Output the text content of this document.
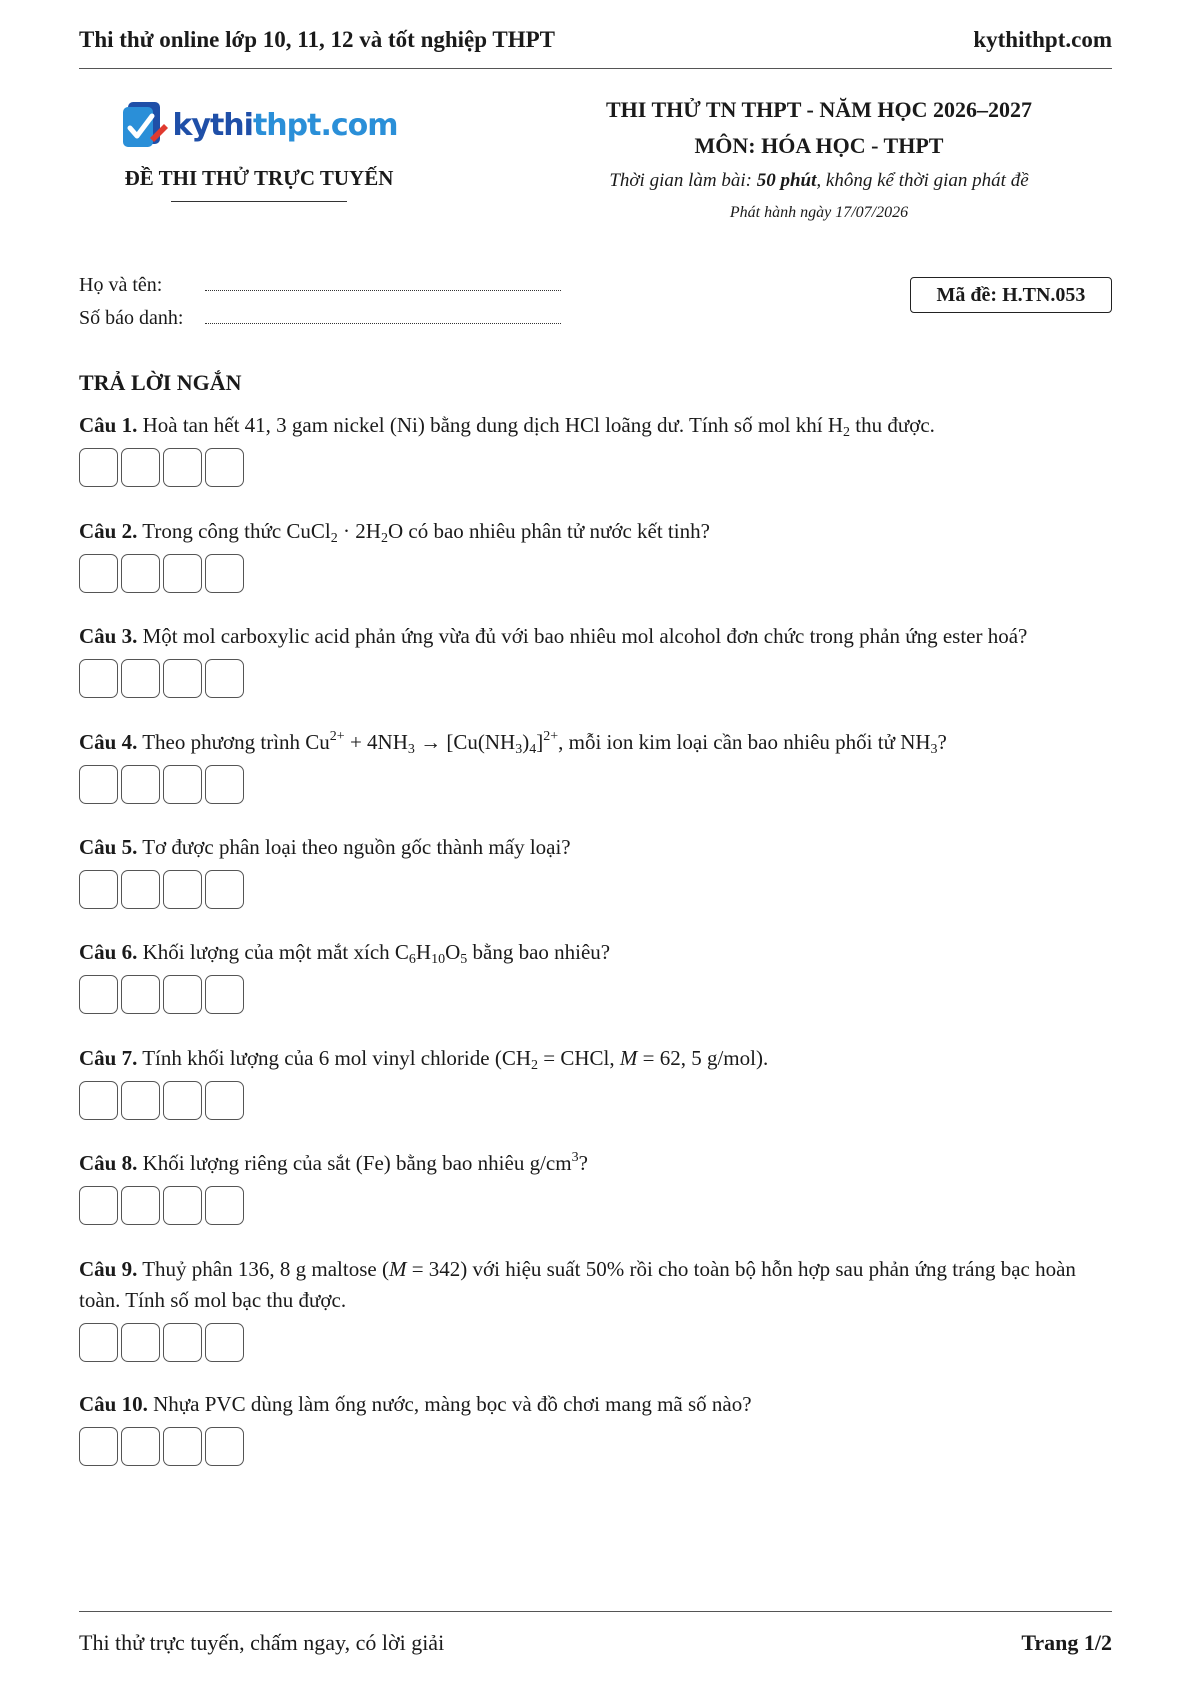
Thi thử online lớp 10, 11, 12 và tốt nghiệp THPT	kythithpt.com
kythithpt.com
ĐỀ THI THỬ TRỰC TUYẾN
THI THỬ TN THPT - NĂM HỌC 2026–2027
MÔN: HÓA HỌC - THPT
Thời gian làm bài: 50 phút, không kể thời gian phát đề
Phát hành ngày 17/07/2026
Họ và tên:
Số báo danh:
Mã đề: H.TN.053
TRẢ LỜI NGẮN
Câu 1. Hoà tan hết 41, 3 gam nickel (Ni) bằng dung dịch HCl loãng dư. Tính số mol khí $H_2$ thu được.
Câu 2. Trong công thức CuCl$_2$ · $2H_2O$ có bao nhiêu phân tử nước kết tinh?
Câu 3. Một mol carboxylic acid phản ứng vừa đủ với bao nhiêu mol alcohol đơn chức trong phản ứng ester hoá?
Câu 4. Theo phương trình $Cu^{2+} + 4NH_3 \to [Cu(NH_3)_4]^{2+}$, mỗi ion kim loại cần bao nhiêu phối tử $NH_3$?
Câu 5. Tơ được phân loại theo nguồn gốc thành mấy loại?
Câu 6. Khối lượng của một mắt xích $C_6H_{10}O_5$ bằng bao nhiêu?
Câu 7. Tính khối lượng của 6 mol vinyl chloride ($CH_2$ = CHCl, M = 62, 5 g/mol).
Câu 8. Khối lượng riêng của sắt (Fe) bằng bao nhiêu $g/cm^3$?
Câu 9. Thuỷ phân 136, 8 g maltose (M = 342) với hiệu suất 50% rồi cho toàn bộ hỗn hợp sau phản ứng tráng bạc hoàn toàn. Tính số mol bạc thu được.
Câu 10. Nhựa PVC dùng làm ống nước, màng bọc và đồ chơi mang mã số nào?
Thi thử trực tuyến, chấm ngay, có lời giải	Trang 1/2
